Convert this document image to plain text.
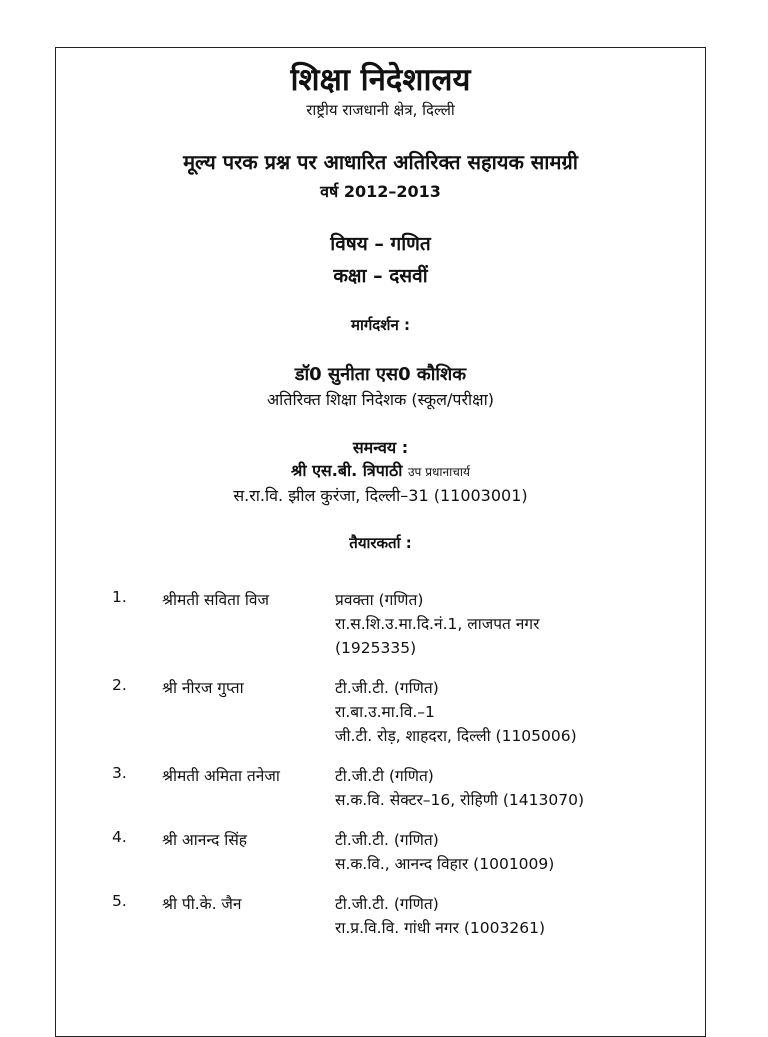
शिक्षा निदेशालय
राष्ट्रीय राजधानी क्षेत्र, दिल्ली
मूल्य परक प्रश्न पर आधारित अतिरिक्त सहायक सामग्री
वर्ष 2012–2013
विषय – गणित
कक्षा – दसवीं
मार्गदर्शन :
डॉ0 सुनीता एस0 कौशिक
अतिरिक्त शिक्षा निदेशक (स्कूल/परीक्षा)
समन्वय :
श्री एस.बी. त्रिपाठी उप प्रधानाचार्य
स.रा.वि. झील कुरंजा, दिल्ली–31 (11003001)
तैयारकर्ता :
1. श्रीमती सविता विज	प्रवक्ता (गणित)
रा.स.शि.उ.मा.दि.नं.1, लाजपत नगर
(1925335)
2. श्री नीरज गुप्ता	टी.जी.टी. (गणित)
रा.बा.उ.मा.वि.–1
जी.टी. रोड़, शाहदरा, दिल्ली (1105006)
3. श्रीमती अमिता तनेजा	टी.जी.टी (गणित)
स.क.वि. सेक्टर–16, रोहिणी (1413070)
4. श्री आनन्द सिंह	टी.जी.टी. (गणित)
स.क.वि., आनन्द विहार (1001009)
5. श्री पी.के. जैन	टी.जी.टी. (गणित)
रा.प्र.वि.वि. गांधी नगर (1003261)
